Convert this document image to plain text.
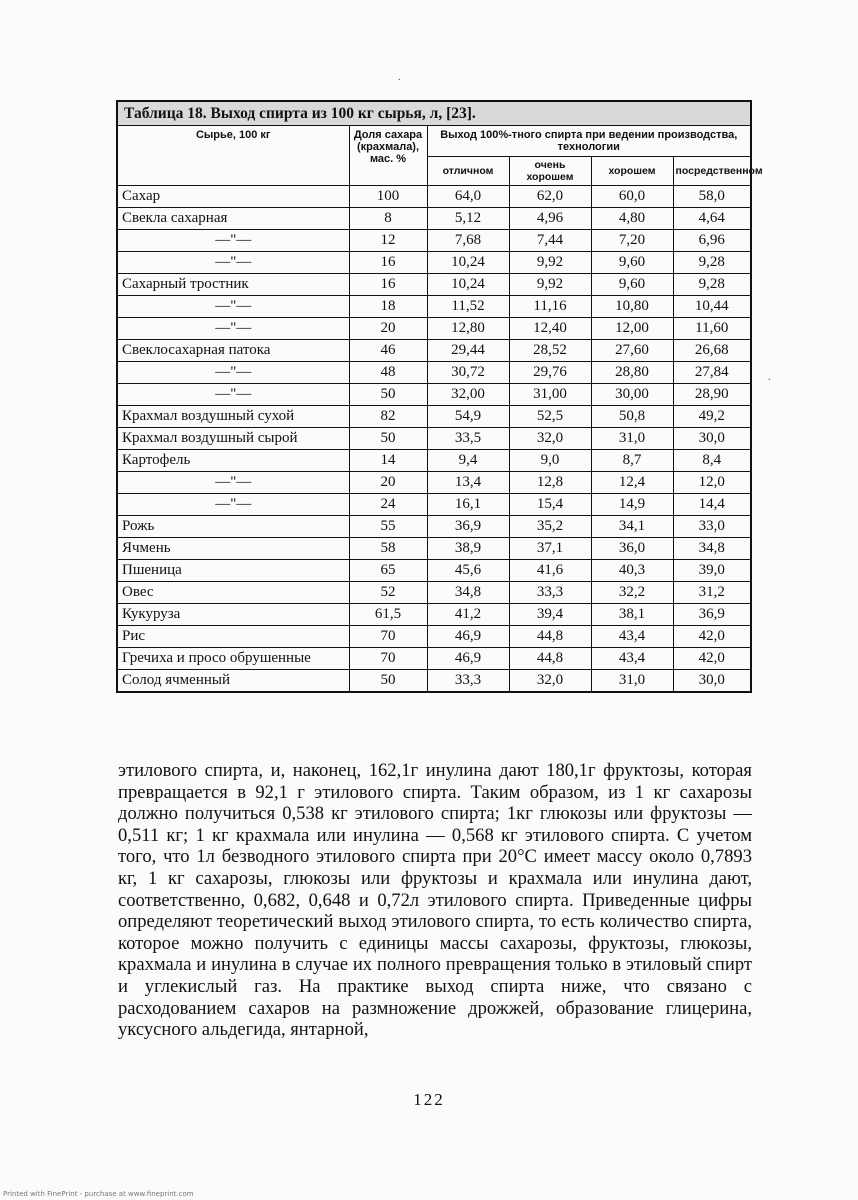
.
.
Таблица 18. Выход спирта из 100 кг сырья, л, [23].					
Сырье, 100 кг	Доля сахара (крахмала), мас. %	Выход 100%-тного спирта при ведении производства, технологии			
		отличном	очень хорошем	хорошем	посредственном
Сахар	100	64,0	62,0	60,0	58,0
Свекла сахарная	8	5,12	4,96	4,80	4,64
—"—	12	7,68	7,44	7,20	6,96
—"—	16	10,24	9,92	9,60	9,28
Сахарный тростник	16	10,24	9,92	9,60	9,28
—"—	18	11,52	11,16	10,80	10,44
—"—	20	12,80	12,40	12,00	11,60
Свеклосахарная патока	46	29,44	28,52	27,60	26,68
—"—	48	30,72	29,76	28,80	27,84
—"—	50	32,00	31,00	30,00	28,90
Крахмал воздушный сухой	82	54,9	52,5	50,8	49,2
Крахмал воздушный сырой	50	33,5	32,0	31,0	30,0
Картофель	14	9,4	9,0	8,7	8,4
—"—	20	13,4	12,8	12,4	12,0
—"—	24	16,1	15,4	14,9	14,4
Рожь	55	36,9	35,2	34,1	33,0
Ячмень	58	38,9	37,1	36,0	34,8
Пшеница	65	45,6	41,6	40,3	39,0
Овес	52	34,8	33,3	32,2	31,2
Кукуруза	61,5	41,2	39,4	38,1	36,9
Рис	70	46,9	44,8	43,4	42,0
Гречиха и просо обрушенные	70	46,9	44,8	43,4	42,0
Солод ячменный	50	33,3	32,0	31,0	30,0

этилового спирта, и, наконец, 162,1г инулина дают 180,1г фруктозы, которая превращается в 92,1 г этилового спирта. Таким образом, из 1 кг сахарозы должно получиться 0,538 кг этилового спирта; 1кг глюкозы или фруктозы — 0,511 кг; 1 кг крахмала или инулина — 0,568 кг этилового спирта. С учетом того, что 1л безводного этилового спирта при 20°С имеет массу около 0,7893 кг, 1 кг сахарозы, глюкозы или фруктозы и крахмала или инулина дают, соответственно, 0,682, 0,648 и 0,72л этилового спирта. Приведенные цифры определяют теоретический выход этилового спирта, то есть количество спирта, которое можно получить с единицы массы сахарозы, фруктозы, глюкозы, крахмала и инулина в случае их полного превращения только в этиловый спирт и углекислый газ. На практике выход спирта ниже, что связано с расходованием сахаров на размножение дрожжей, образование глицерина, уксусного альдегида, янтарной,

122
Printed with FinePrint - purchase at www.fineprint.com
